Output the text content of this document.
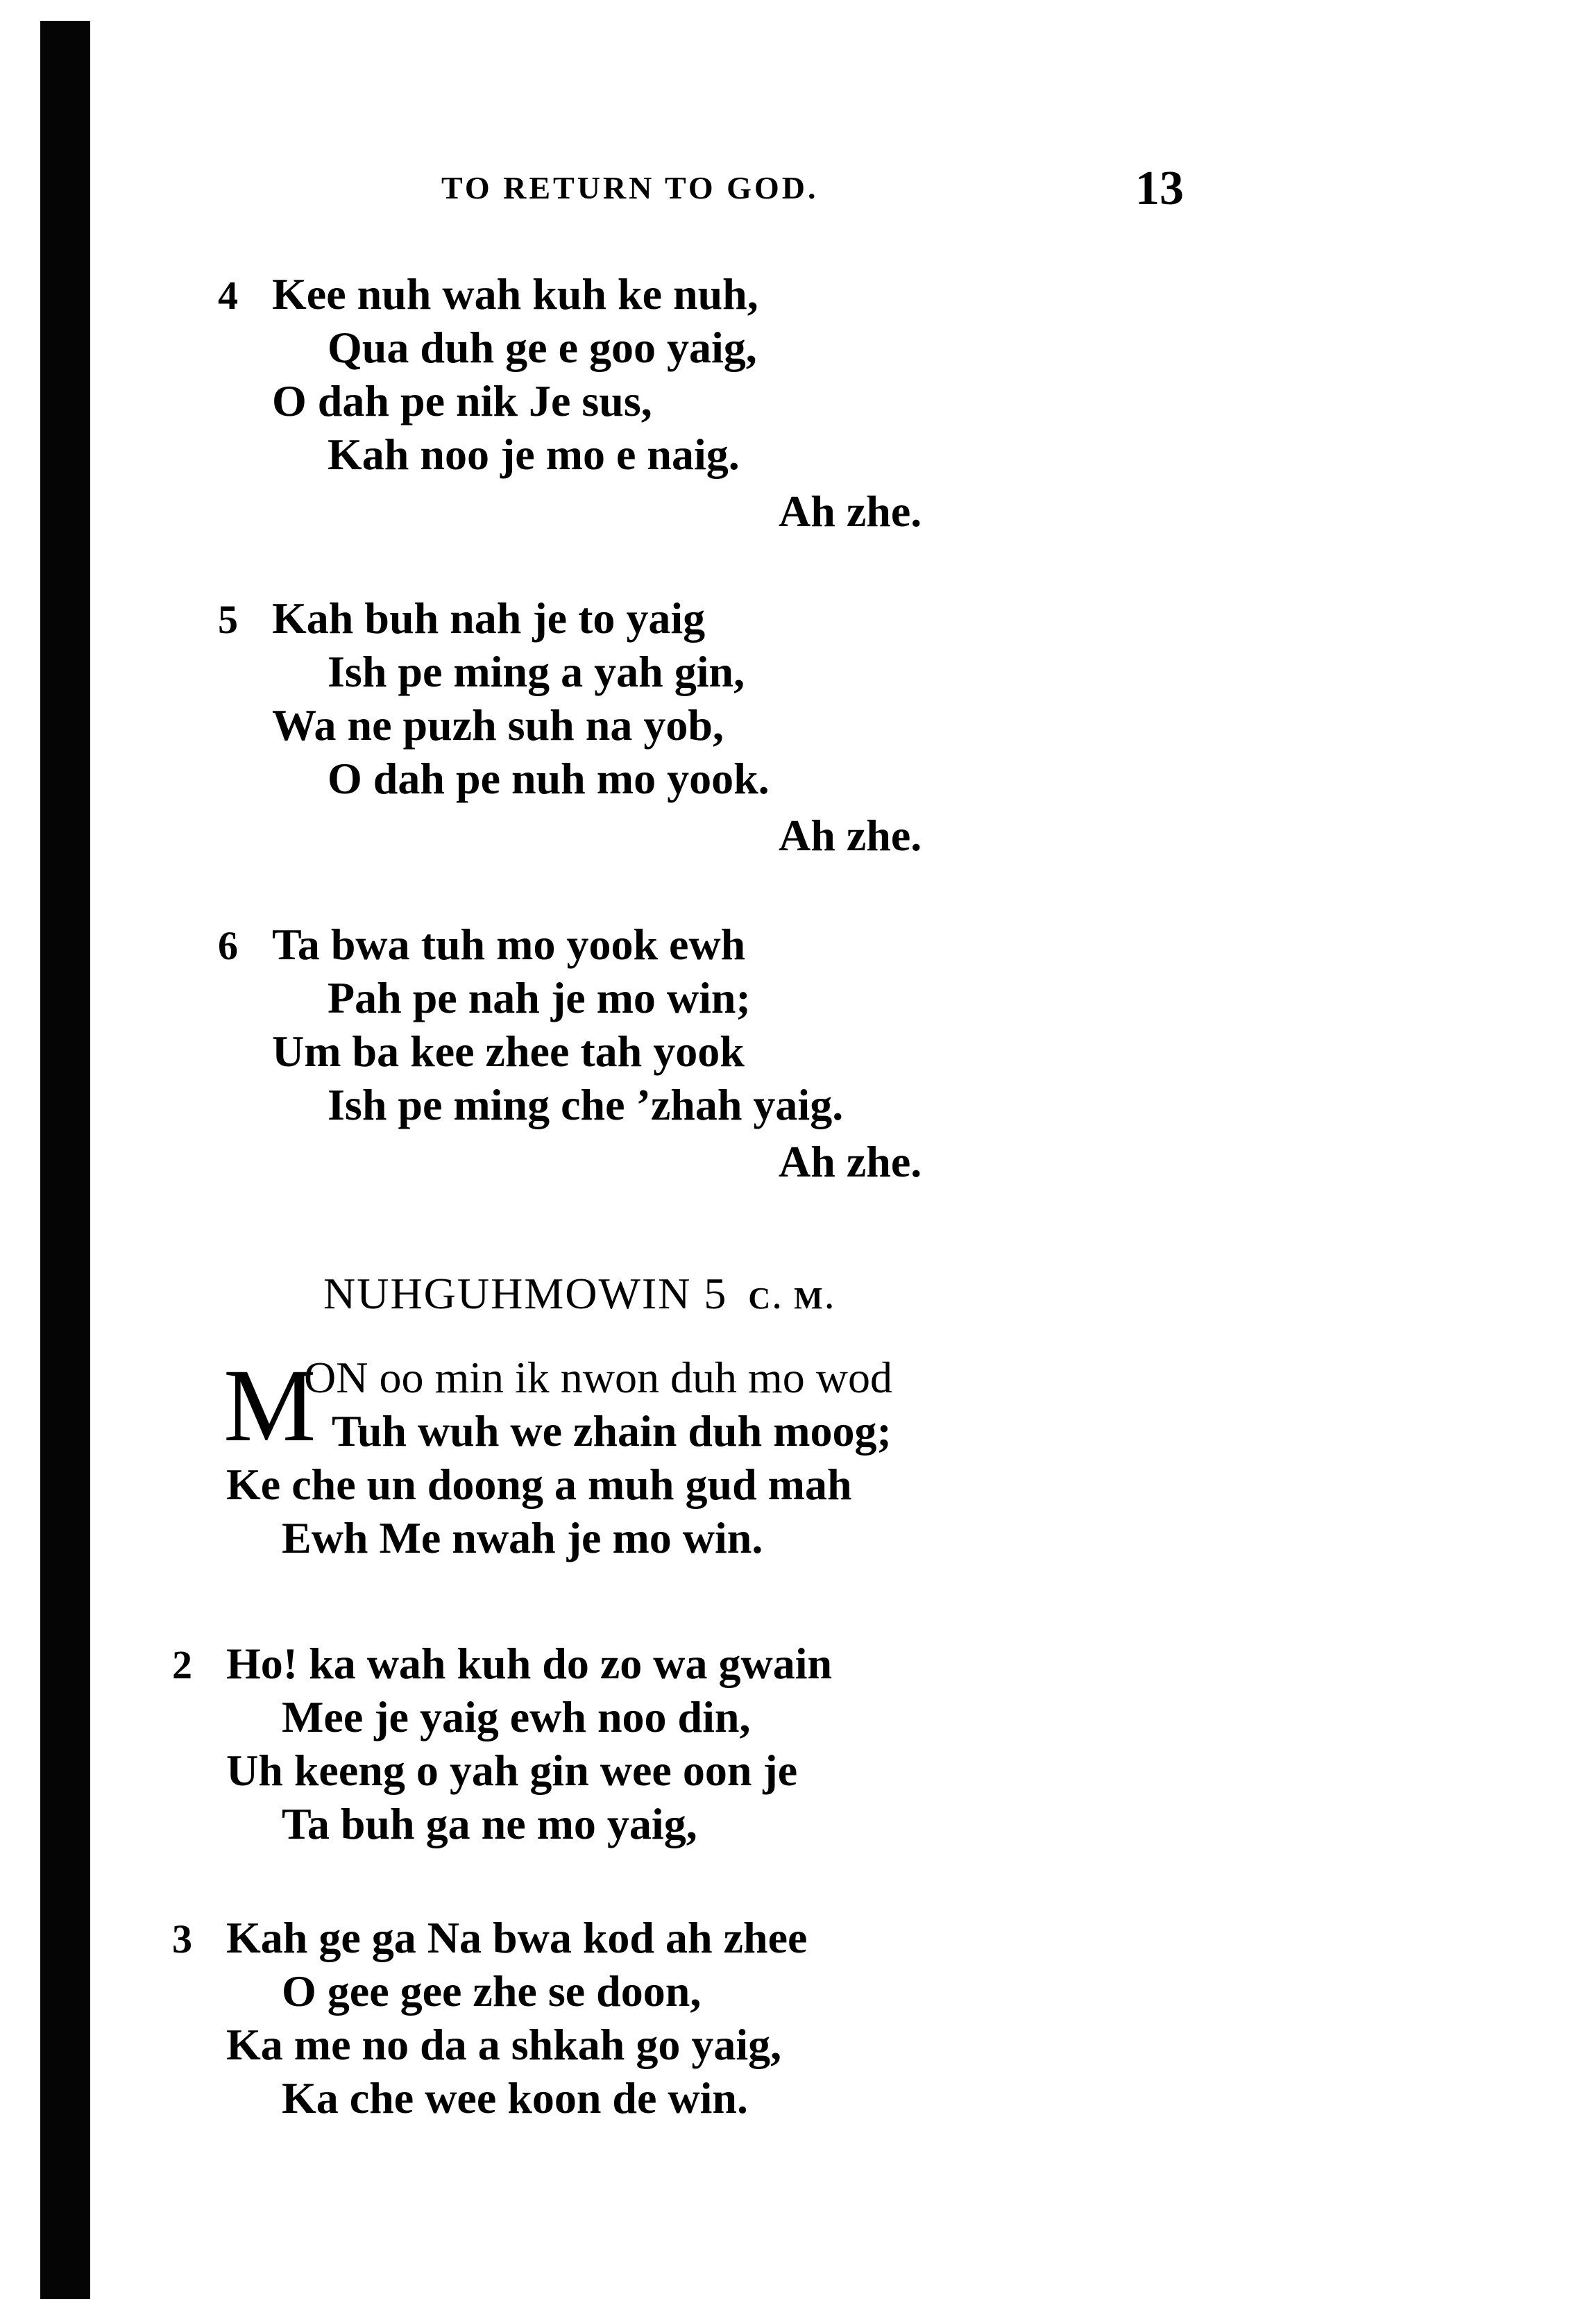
TO RETURN TO GOD.	13
4 Kee nuh wah kuh ke nuh,
Qua duh ge e goo yaig,
O dah pe nik Je sus,
Kah noo je mo e naig.
Ah zhe.
5 Kah buh nah je to yaig
Ish pe ming a yah gin,
Wa ne puzh suh na yob,
O dah pe nuh mo yook.
Ah zhe.
6 Ta bwa tuh mo yook ewh
Pah pe nah je mo win;
Um ba kee zhee tah yook
Ish pe ming che ’zhah yaig.
Ah zhe.
NUHGUHMOWIN 5 C. M.
M
ON oo min ik nwon duh mo wod
Tuh wuh we zhain duh moog;
Ke che un doong a muh gud mah
Ewh Me nwah je mo win.
2 Ho! ka wah kuh do zo wa gwain
Mee je yaig ewh noo din,
Uh keeng o yah gin wee oon je
Ta buh ga ne mo yaig,
3 Kah ge ga Na bwa kod ah zhee
O gee gee zhe se doon,
Ka me no da a shkah go yaig,
Ka che wee koon de win.
